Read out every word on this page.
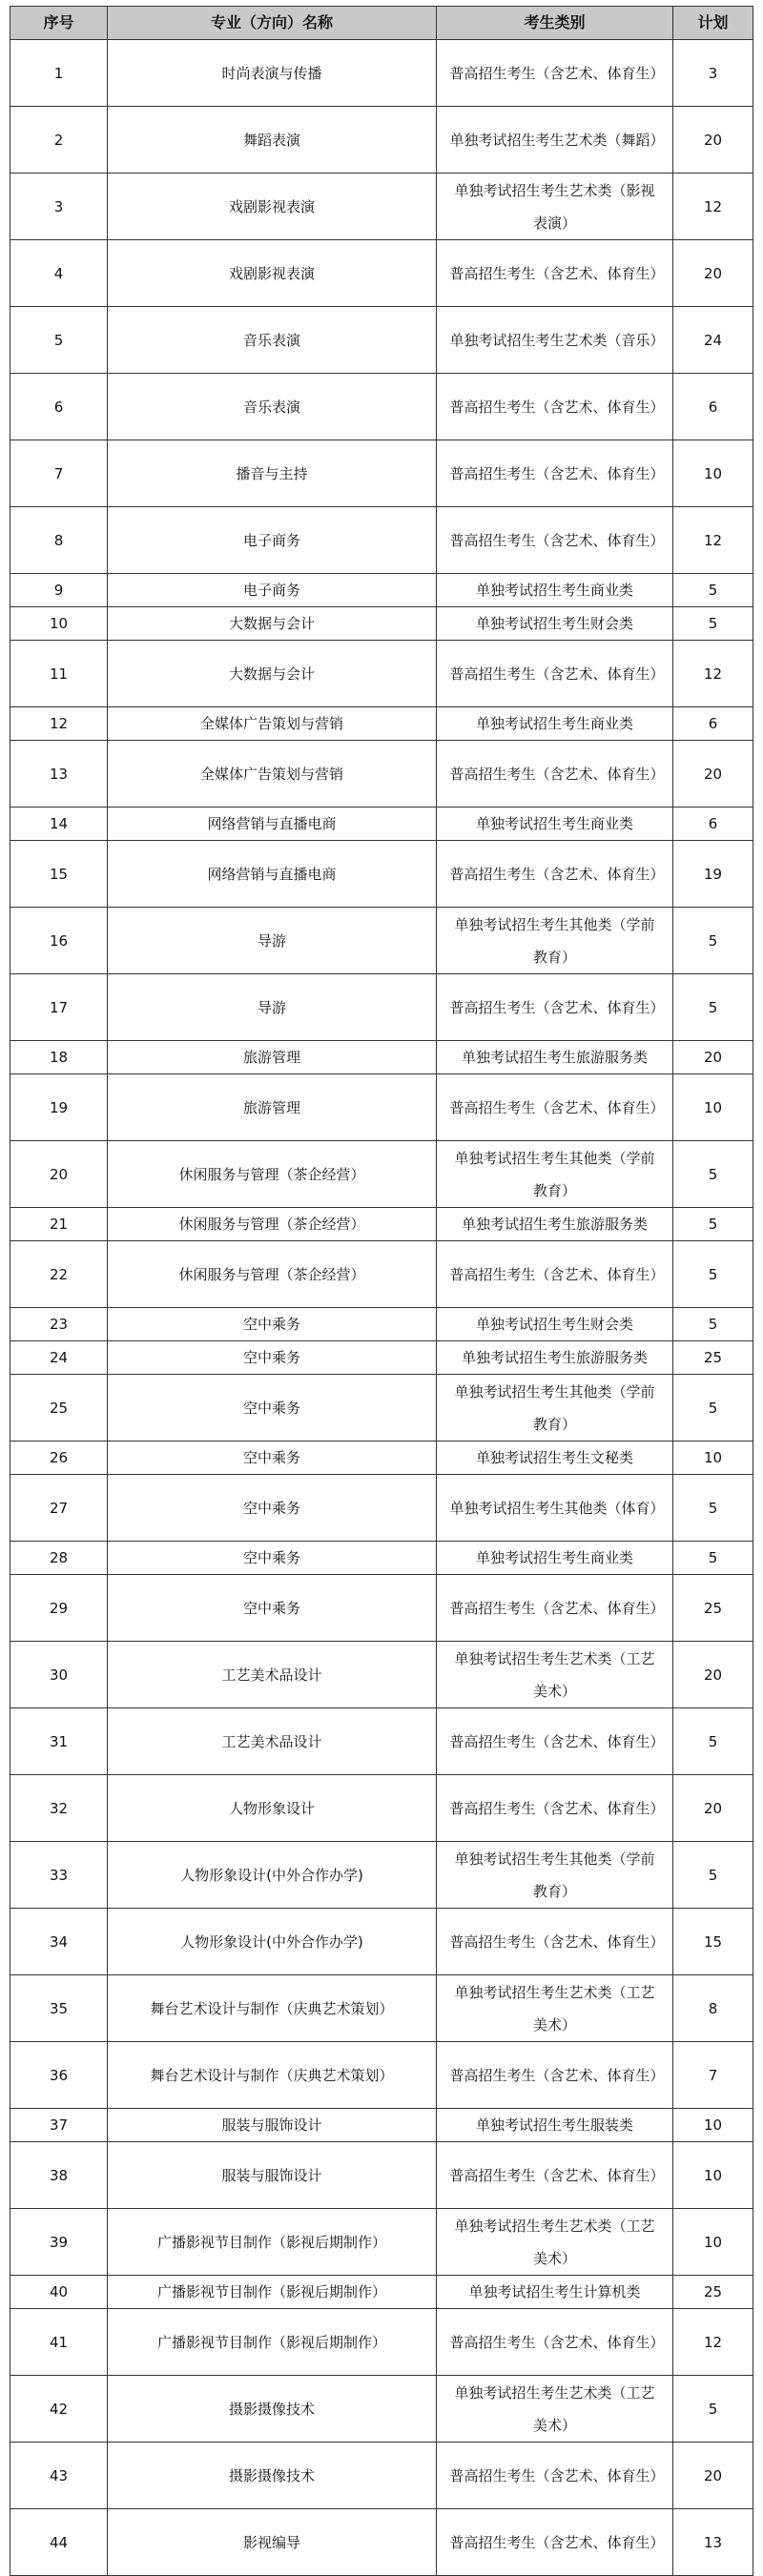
序号	专业（方向）名称	考生类别	计划
1	时尚表演与传播	普高招生考生（含艺术、体育生）	3
2	舞蹈表演	单独考试招生考生艺术类（舞蹈）	20
3	戏剧影视表演	单独考试招生考生艺术类（影视表演）	12
4	戏剧影视表演	普高招生考生（含艺术、体育生）	20
5	音乐表演	单独考试招生考生艺术类（音乐）	24
6	音乐表演	普高招生考生（含艺术、体育生）	6
7	播音与主持	普高招生考生（含艺术、体育生）	10
8	电子商务	普高招生考生（含艺术、体育生）	12
9	电子商务	单独考试招生考生商业类	5
10	大数据与会计	单独考试招生考生财会类	5
11	大数据与会计	普高招生考生（含艺术、体育生）	12
12	全媒体广告策划与营销	单独考试招生考生商业类	6
13	全媒体广告策划与营销	普高招生考生（含艺术、体育生）	20
14	网络营销与直播电商	单独考试招生考生商业类	6
15	网络营销与直播电商	普高招生考生（含艺术、体育生）	19
16	导游	单独考试招生考生其他类（学前教育）	5
17	导游	普高招生考生（含艺术、体育生）	5
18	旅游管理	单独考试招生考生旅游服务类	20
19	旅游管理	普高招生考生（含艺术、体育生）	10
20	休闲服务与管理（茶企经营）	单独考试招生考生其他类（学前教育）	5
21	休闲服务与管理（茶企经营）	单独考试招生考生旅游服务类	5
22	休闲服务与管理（茶企经营）	普高招生考生（含艺术、体育生）	5
23	空中乘务	单独考试招生考生财会类	5
24	空中乘务	单独考试招生考生旅游服务类	25
25	空中乘务	单独考试招生考生其他类（学前教育）	5
26	空中乘务	单独考试招生考生文秘类	10
27	空中乘务	单独考试招生考生其他类（体育）	5
28	空中乘务	单独考试招生考生商业类	5
29	空中乘务	普高招生考生（含艺术、体育生）	25
30	工艺美术品设计	单独考试招生考生艺术类（工艺美术）	20
31	工艺美术品设计	普高招生考生（含艺术、体育生）	5
32	人物形象设计	普高招生考生（含艺术、体育生）	20
33	人物形象设计(中外合作办学)	单独考试招生考生其他类（学前教育）	5
34	人物形象设计(中外合作办学)	普高招生考生（含艺术、体育生）	15
35	舞台艺术设计与制作（庆典艺术策划）	单独考试招生考生艺术类（工艺美术）	8
36	舞台艺术设计与制作（庆典艺术策划）	普高招生考生（含艺术、体育生）	7
37	服装与服饰设计	单独考试招生考生服装类	10
38	服装与服饰设计	普高招生考生（含艺术、体育生）	10
39	广播影视节目制作（影视后期制作）	单独考试招生考生艺术类（工艺美术）	10
40	广播影视节目制作（影视后期制作）	单独考试招生考生计算机类	25
41	广播影视节目制作（影视后期制作）	普高招生考生（含艺术、体育生）	12
42	摄影摄像技术	单独考试招生考生艺术类（工艺美术）	5
43	摄影摄像技术	普高招生考生（含艺术、体育生）	20
44	影视编导	普高招生考生（含艺术、体育生）	13
